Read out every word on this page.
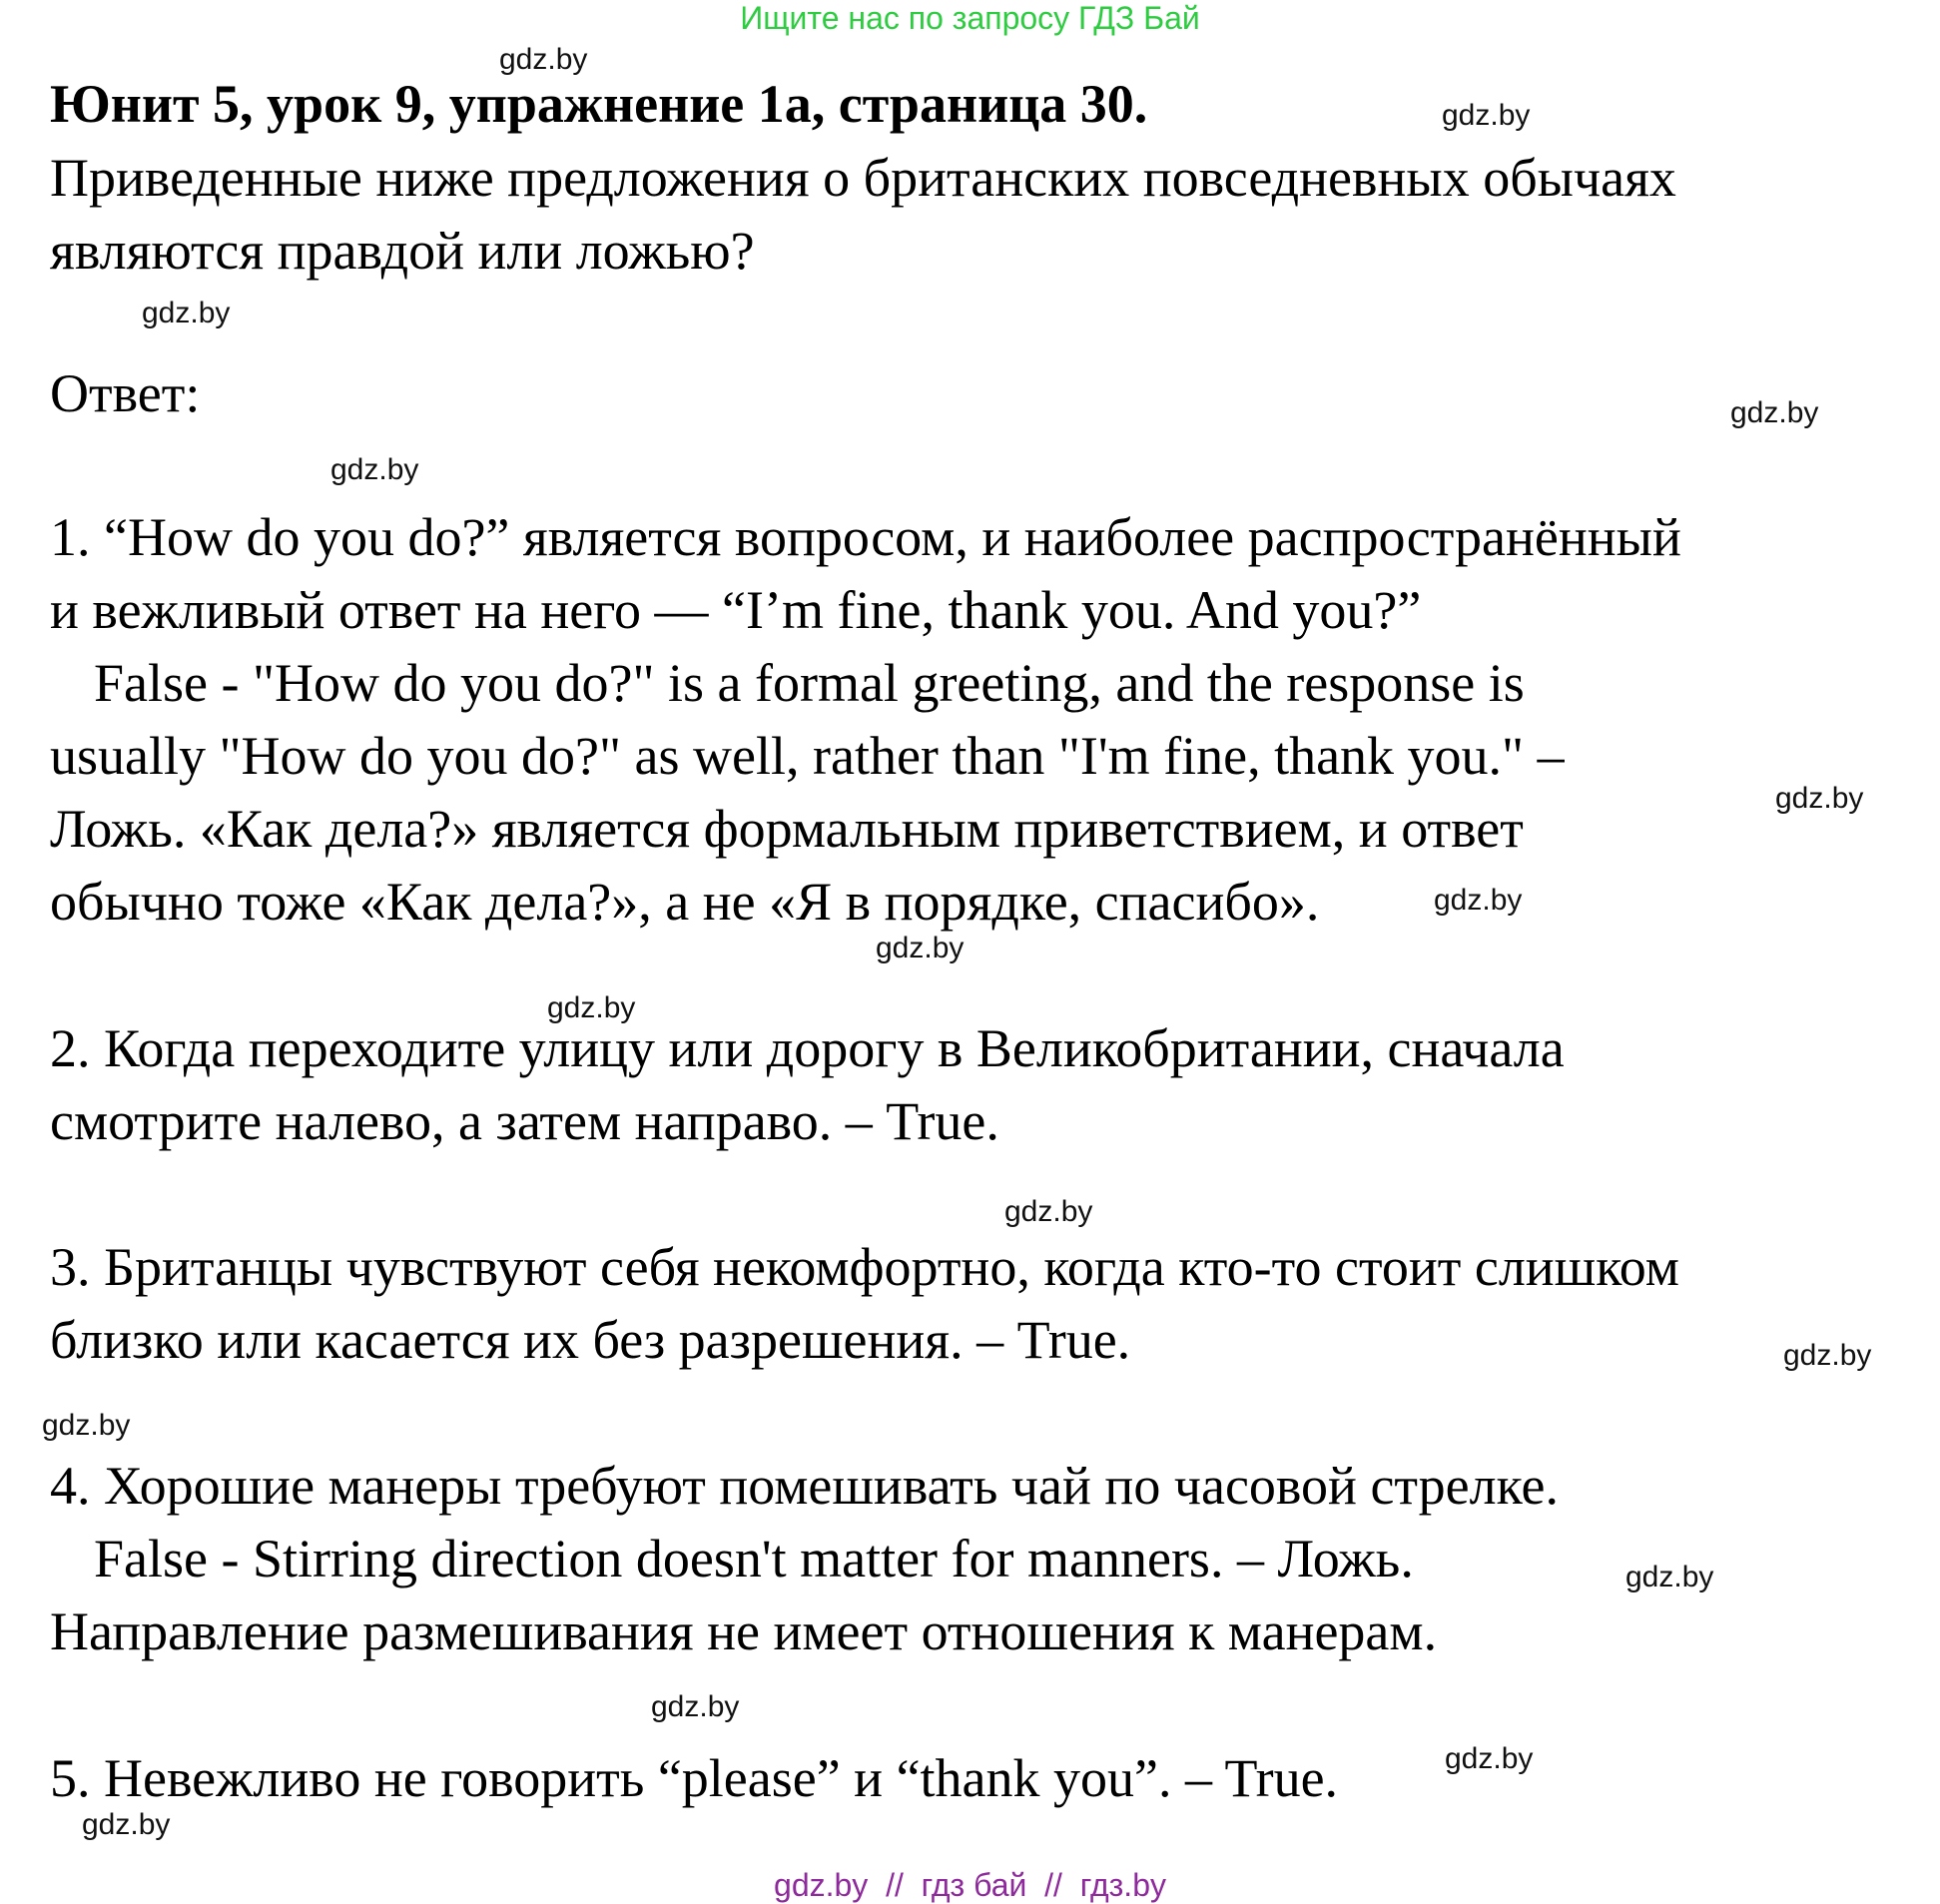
Ищите нас по запросу ГДЗ Бай
Юнит 5, урок 9, упражнение 1а, страница 30.
Приведенные ниже предложения о британских повседневных обычаях
являются правдой или ложью?
Ответ:
1. “How do you do?” является вопросом, и наиболее распространённый
и вежливый ответ на него — “I’m fine, thank you. And you?”
False - "How do you do?" is a formal greeting, and the response is
usually "How do you do?" as well, rather than "I'm fine, thank you." –
Ложь. «Как дела?» является формальным приветствием, и ответ
обычно тоже «Как дела?», а не «Я в порядке, спасибо».
2. Когда переходите улицу или дорогу в Великобритании, сначала
смотрите налево, а затем направо. – True.
3. Британцы чувствуют себя некомфортно, когда кто-то стоит слишком
близко или касается их без разрешения. – True.
4. Хорошие манеры требуют помешивать чай по часовой стрелке.
False - Stirring direction doesn't matter for manners. – Ложь.
Направление размешивания не имеет отношения к манерам.
5. Невежливо не говорить “please” и “thank you”. – True.
gdz.by
gdz.by
gdz.by
gdz.by
gdz.by
gdz.by
gdz.by
gdz.by
gdz.by
gdz.by
gdz.by
gdz.by
gdz.by
gdz.by
gdz.by
gdz.by
gdz.by  //  гдз бай  //  гдз.by
